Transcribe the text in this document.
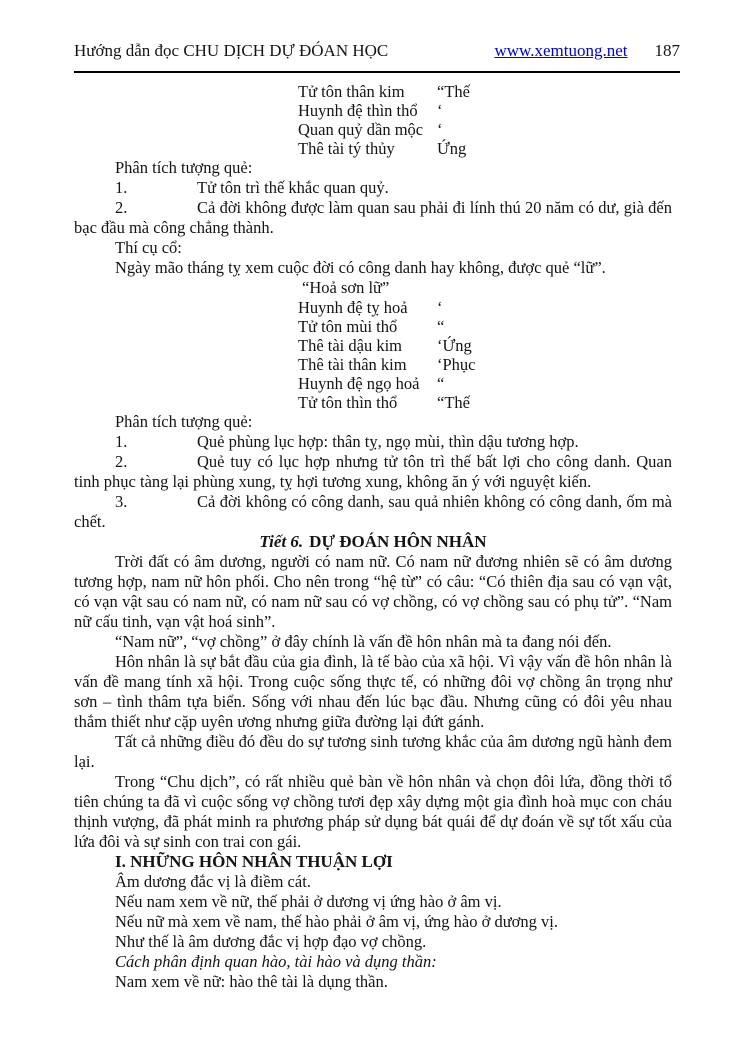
Hướng dẫn đọc CHU DỊCH DỰ ĐÓAN HỌC	www.xemtuong.net 187
Tử tôn thân kim “Thế
Huynh đệ thìn thổ ‘
Quan quỷ dần mộc ‘
Thê tài tý thủy	Ứng
Phân tích tượng quẻ:
1.	Tử tôn trì thế khắc quan quỷ.
2.	Cả đời không được làm quan sau phải đi lính thú 20 năm có dư, già đến bạc đầu mà công chẳng thành.
Thí cụ cổ:
Ngày mão tháng tỵ xem cuộc đời có công danh hay không, được quẻ “lữ”.
“Hoả sơn lữ”
Huynh đệ tỵ hoả ‘
Tử tôn mùi thổ “
Thê tài dậu kim ‘Ứng
Thê tài thân kim ‘Phục
Huynh đệ ngọ hoả “
Tử tôn thìn thổ “Thế
Phân tích tượng quẻ:
1.	Quẻ phùng lục hợp: thân tỵ, ngọ mùi, thìn dậu tương hợp.
2.	Quẻ tuy có lục hợp nhưng tử tôn trì thế bất lợi cho công danh. Quan tinh phục tàng lại phùng xung, tỵ hợi tương xung, không ăn ý với nguyệt kiến.
3.	Cả đời không có công danh, sau quả nhiên không có công danh, ốm mà chết.
Tiết 6. DỰ ĐOÁN HÔN NHÂN
Trời đất có âm dương, người có nam nữ. Có nam nữ đương nhiên sẽ có âm dương tương hợp, nam nữ hôn phối. Cho nên trong “hệ từ” có câu: “Có thiên địa sau có vạn vật, có vạn vật sau có nam nữ, có nam nữ sau có vợ chồng, có vợ chồng sau có phụ tử”. “Nam nữ cấu tinh, vạn vật hoá sinh”.
“Nam nữ”, “vợ chồng” ở đây chính là vấn đề hôn nhân mà ta đang nói đến.
Hôn nhân là sự bắt đầu của gia đình, là tế bào của xã hội. Vì vậy vấn đề hôn nhân là vấn đề mang tính xã hội. Trong cuộc sống thực tế, có những đôi vợ chồng ân trọng như sơn – tình thâm tựa biển. Sống với nhau đến lúc bạc đầu. Nhưng cũng có đôi yêu nhau thắm thiết như cặp uyên ương nhưng giữa đường lại đứt gánh.
Tất cả những điều đó đều do sự tương sinh tương khắc của âm dương ngũ hành đem lại.
Trong “Chu dịch”, có rất nhiều quẻ bàn về hôn nhân và chọn đôi lứa, đồng thời tổ tiên chúng ta đã vì cuộc sống vợ chồng tươi đẹp xây dựng một gia đình hoà mục con cháu thịnh vượng, đã phát minh ra phương pháp sử dụng bát quái để dự đoán về sự tốt xấu của lứa đôi và sự sinh con trai con gái.
I. NHỮNG HÔN NHÂN THUẬN LỢI
Âm dương đắc vị là điềm cát.
Nếu nam xem về nữ, thế phải ở dương vị ứng hào ở âm vị.
Nếu nữ mà xem về nam, thế hào phải ở âm vị, ứng hào ở dương vị.
Như thế là âm dương đắc vị hợp đạo vợ chồng.
Cách phân định quan hào, tài hào và dụng thần:
Nam xem về nữ: hào thê tài là dụng thần.
